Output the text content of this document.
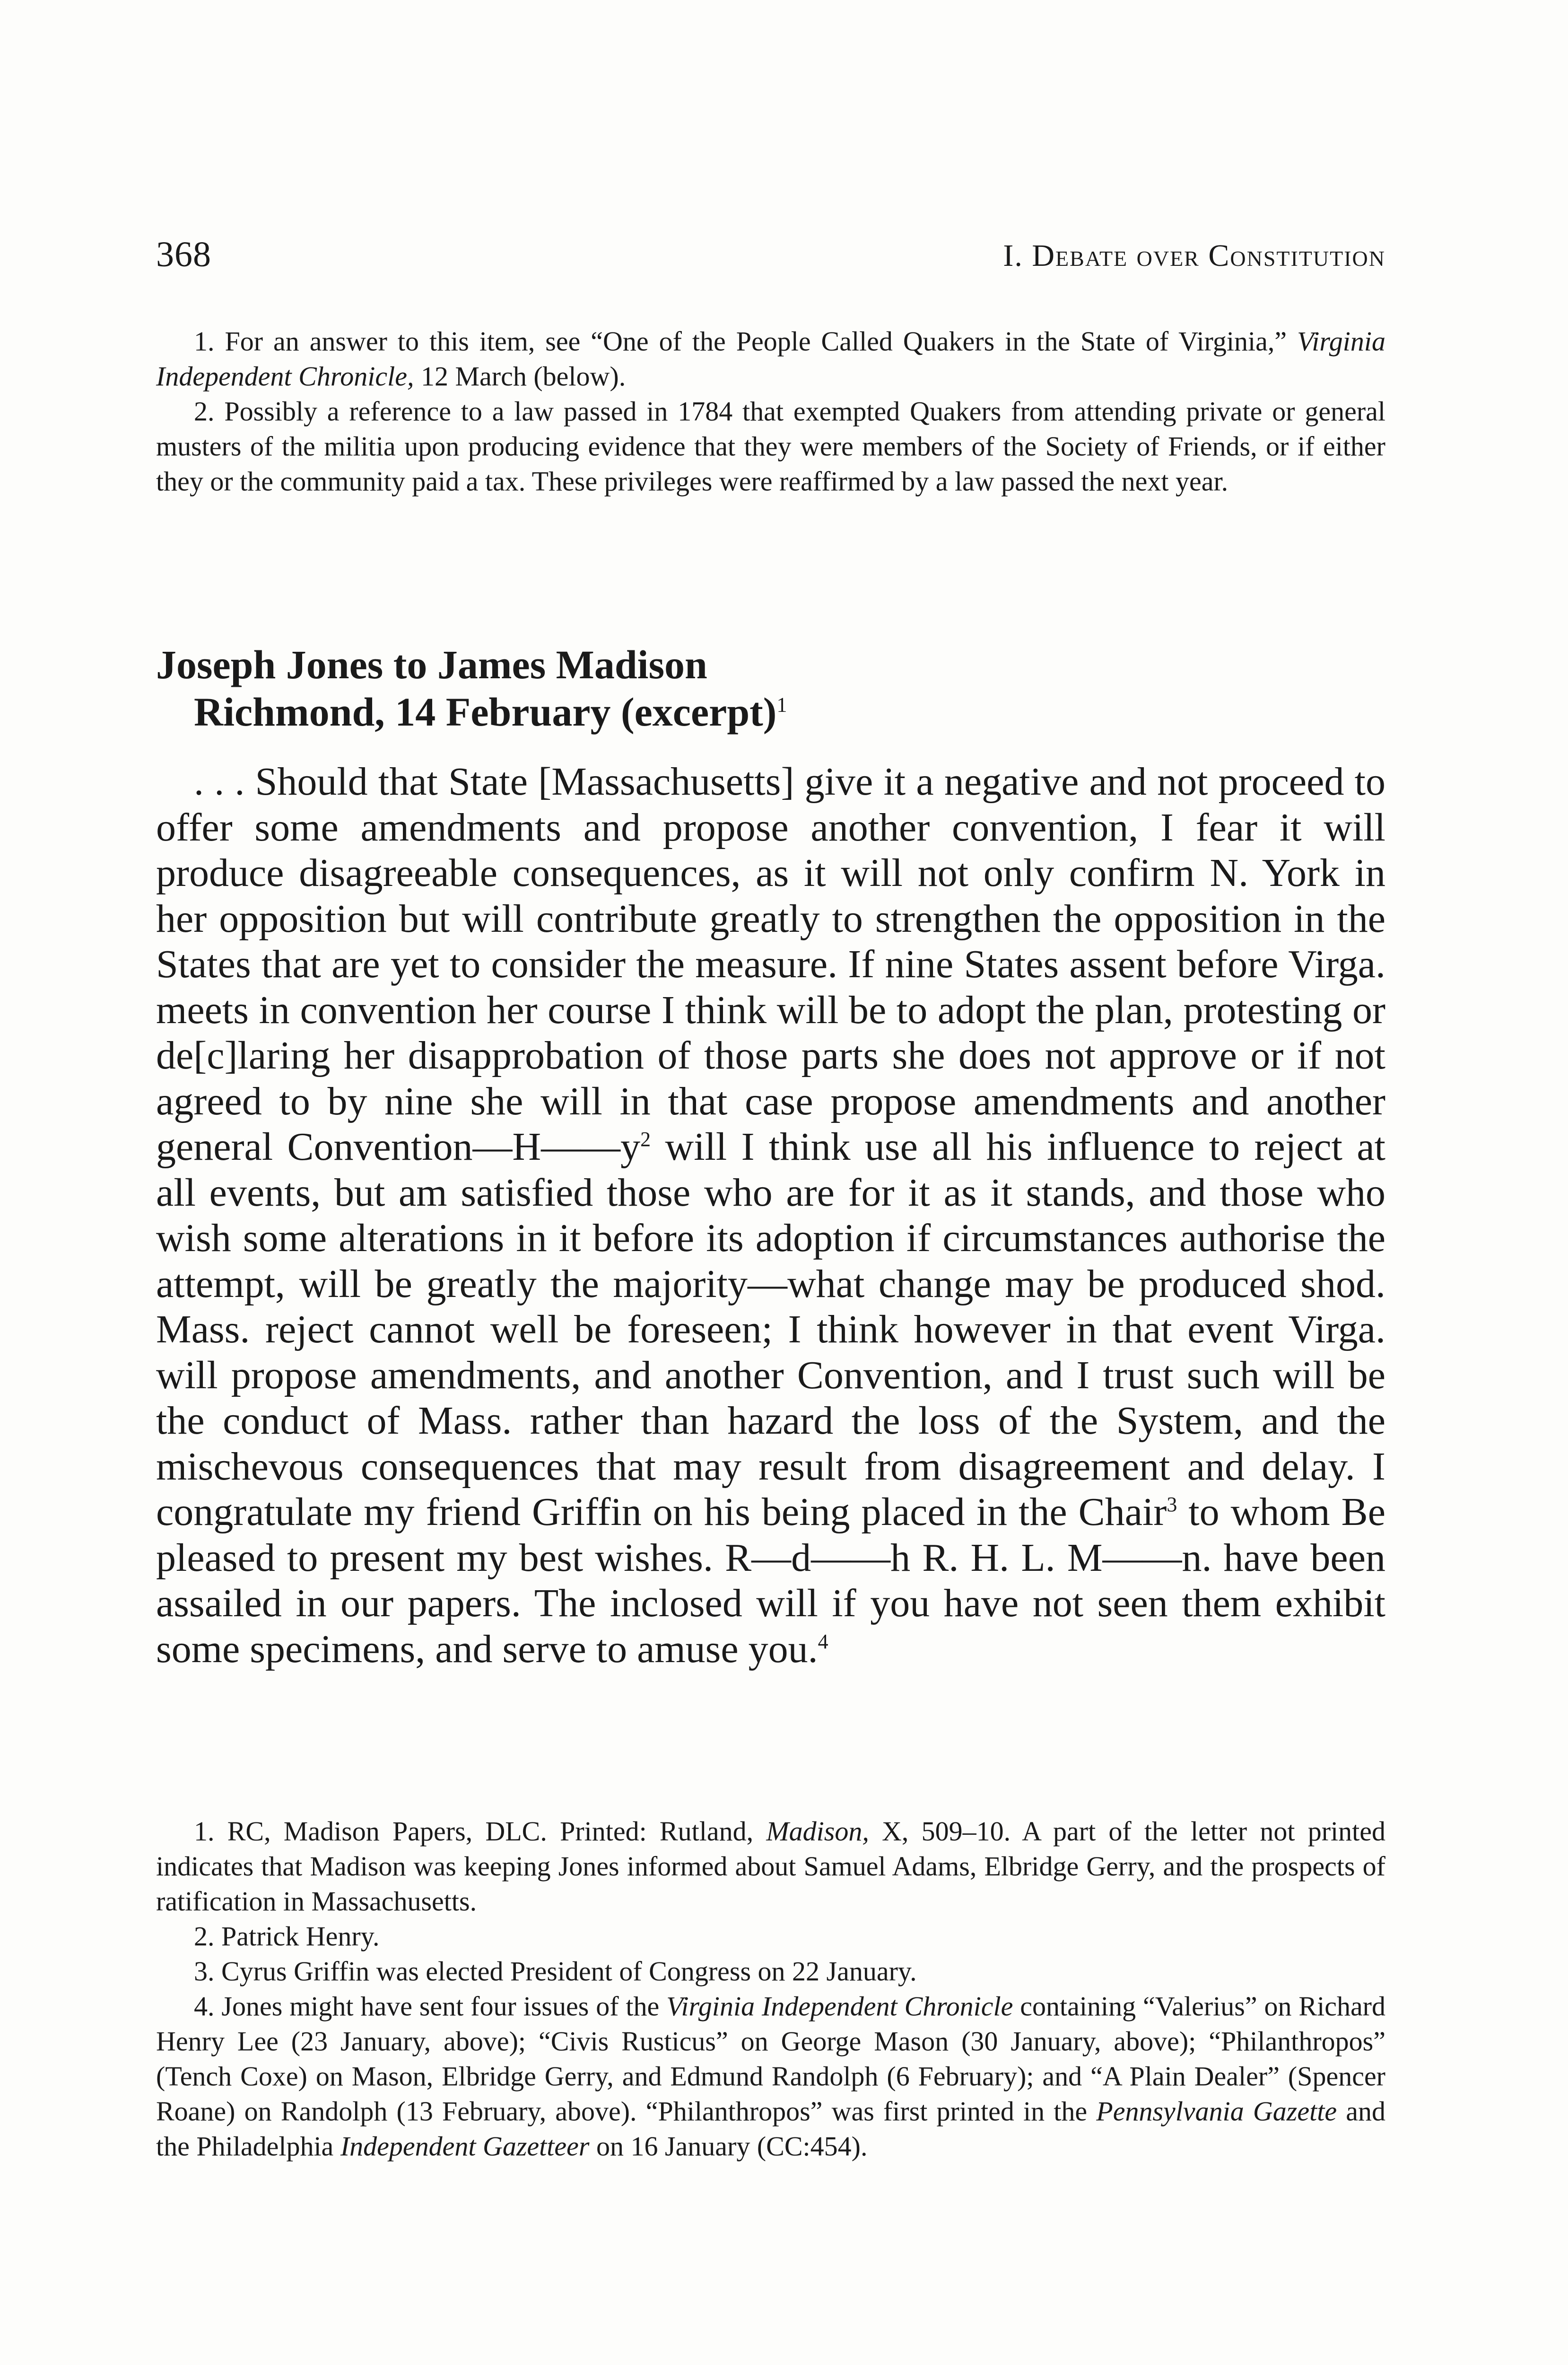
368	I. Debate over Constitution

1. For an answer to this item, see “One of the People Called Quakers in the State of Virginia,” Virginia Independent Chronicle, 12 March (below).

2. Possibly a reference to a law passed in 1784 that exempted Quakers from attending private or general musters of the militia upon producing evidence that they were members of the Society of Friends, or if either they or the community paid a tax. These privileges were reaffirmed by a law passed the next year.

Joseph Jones to James Madison
Richmond, 14 February (excerpt)$^1$

. . . Should that State [Massachusetts] give it a negative and not proceed to offer some amendments and propose another convention, I fear it will produce disagreeable consequences, as it will not only confirm N. York in her opposition but will contribute greatly to strengthen the opposition in the States that are yet to consider the measure. If nine States assent before Virga. meets in convention her course I think will be to adopt the plan, protesting or de[c]laring her disapprobation of those parts she does not approve or if not agreed to by nine she will in that case propose amendments and another general Convention—H——y$^2$ will I think use all his influence to reject at all events, but am satisfied those who are for it as it stands, and those who wish some alterations in it before its adoption if circumstances authorise the attempt, will be greatly the majority—what change may be produced shod. Mass. reject cannot well be foreseen; I think however in that event Virga. will propose amendments, and another Convention, and I trust such will be the conduct of Mass. rather than hazard the loss of the System, and the mischevous consequences that may result from disagreement and delay. I congratulate my friend Griffin on his being placed in the Chair$^3$ to whom Be pleased to present my best wishes. R—d——h R. H. L. M——n. have been assailed in our papers. The inclosed will if you have not seen them exhibit some specimens, and serve to amuse you.$^4$

1. RC, Madison Papers, DLC. Printed: Rutland, Madison, X, 509–10. A part of the letter not printed indicates that Madison was keeping Jones informed about Samuel Adams, Elbridge Gerry, and the prospects of ratification in Massachusetts.

2. Patrick Henry.

3. Cyrus Griffin was elected President of Congress on 22 January.

4. Jones might have sent four issues of the Virginia Independent Chronicle containing “Valerius” on Richard Henry Lee (23 January, above); “Civis Rusticus” on George Mason (30 January, above); “Philanthropos” (Tench Coxe) on Mason, Elbridge Gerry, and Edmund Randolph (6 February); and “A Plain Dealer” (Spencer Roane) on Randolph (13 February, above). “Philanthropos” was first printed in the Pennsylvania Gazette and the Philadelphia Independent Gazetteer on 16 January (CC:454).
